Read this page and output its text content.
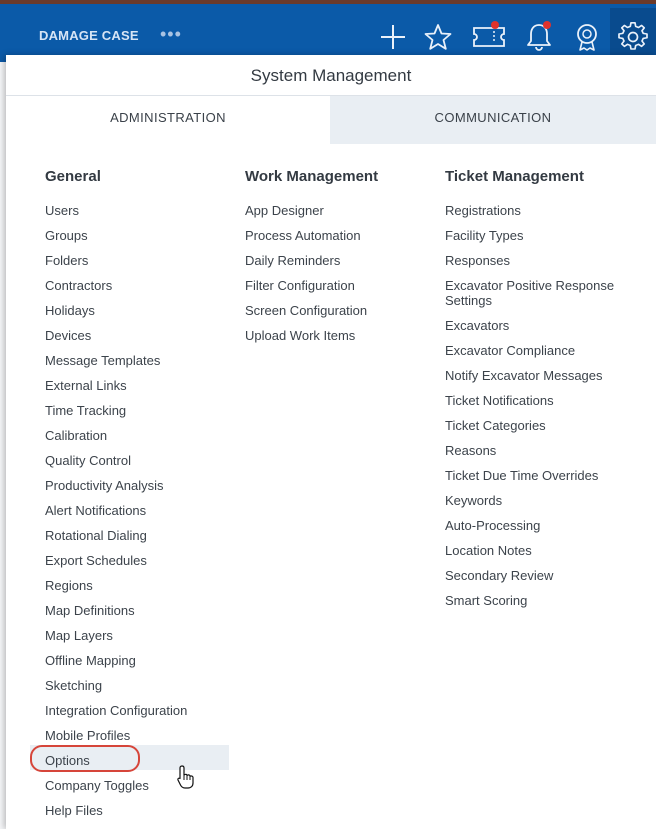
DAMAGE CASE •••
System Management
ADMINISTRATION	COMMUNICATION
General
Users
Groups
Folders
Contractors
Holidays
Devices
Message Templates
External Links
Time Tracking
Calibration
Quality Control
Productivity Analysis
Alert Notifications
Rotational Dialing
Export Schedules
Regions
Map Definitions
Map Layers
Offline Mapping
Sketching
Integration Configuration
Mobile Profiles
Options
Company Toggles
Help Files
Work Management
App Designer
Process Automation
Daily Reminders
Filter Configuration
Screen Configuration
Upload Work Items
Ticket Management
Registrations
Facility Types
Responses
Excavator Positive Response Settings
Excavators
Excavator Compliance
Notify Excavator Messages
Ticket Notifications
Ticket Categories
Reasons
Ticket Due Time Overrides
Keywords
Auto-Processing
Location Notes
Secondary Review
Smart Scoring
